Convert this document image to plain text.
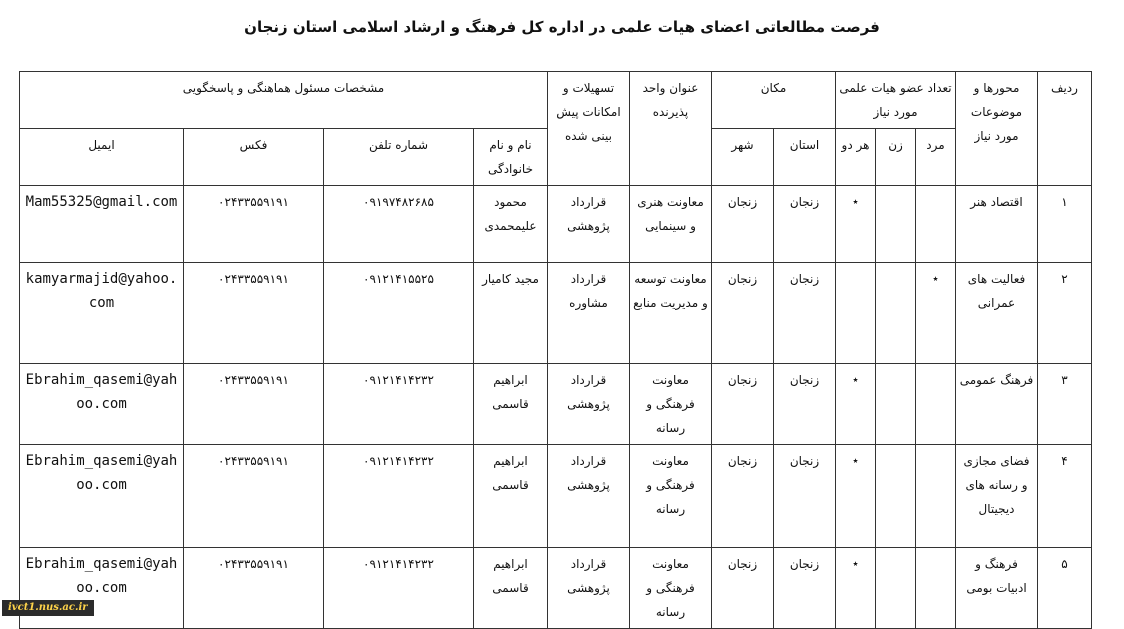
فرصت مطالعاتی اعضای هیات علمی در اداره کل فرهنگ و ارشاد اسلامی استان زنجان
ردیف	محورها و موضوعات مورد نیاز	تعداد عضو هیات علمی مورد نیاز			مکان		عنوان واحد پذیرنده	تسهیلات و امکانات پیش بینی شده	مشخصات مسئول هماهنگی و پاسخگویی			
		مرد	زن	هر دو	استان	شهر			نام و نام خانوادگی	شماره تلفن	فکس	ایمیل
۱	اقتصاد هنر			٭	زنجان	زنجان	معاونت هنری و سینمایی	قرارداد پژوهشی	محمود علیمحمدی	۰۹۱۹۷۴۸۲۶۸۵	۰۲۴۳۳۵۵۹۱۹۱	Mam55325@gmail.com
۲	فعالیت های عمرانی	٭			زنجان	زنجان	معاونت توسعه و مدیریت منابع	قرارداد مشاوره	مجید کامیار	۰۹۱۲۱۴۱۵۵۲۵	۰۲۴۳۳۵۵۹۱۹۱	kamyarmajid@yahoo.com
۳	فرهنگ عمومی			٭	زنجان	زنجان	معاونت فرهنگی و رسانه	قرارداد پژوهشی	ابراهیم قاسمی	۰۹۱۲۱۴۱۴۲۳۲	۰۲۴۳۳۵۵۹۱۹۱	Ebrahim_qasemi@yahoo.com
۴	فضای مجازی و رسانه های دیجیتال			٭	زنجان	زنجان	معاونت فرهنگی و رسانه	قرارداد پژوهشی	ابراهیم قاسمی	۰۹۱۲۱۴۱۴۲۳۲	۰۲۴۳۳۵۵۹۱۹۱	Ebrahim_qasemi@yahoo.com
۵	فرهنگ و ادبیات بومی			٭	زنجان	زنجان	معاونت فرهنگی و رسانه	قرارداد پژوهشی	ابراهیم قاسمی	۰۹۱۲۱۴۱۴۲۳۲	۰۲۴۳۳۵۵۹۱۹۱	Ebrahim_qasemi@yahoo.com
ivct1.nus.ac.ir
